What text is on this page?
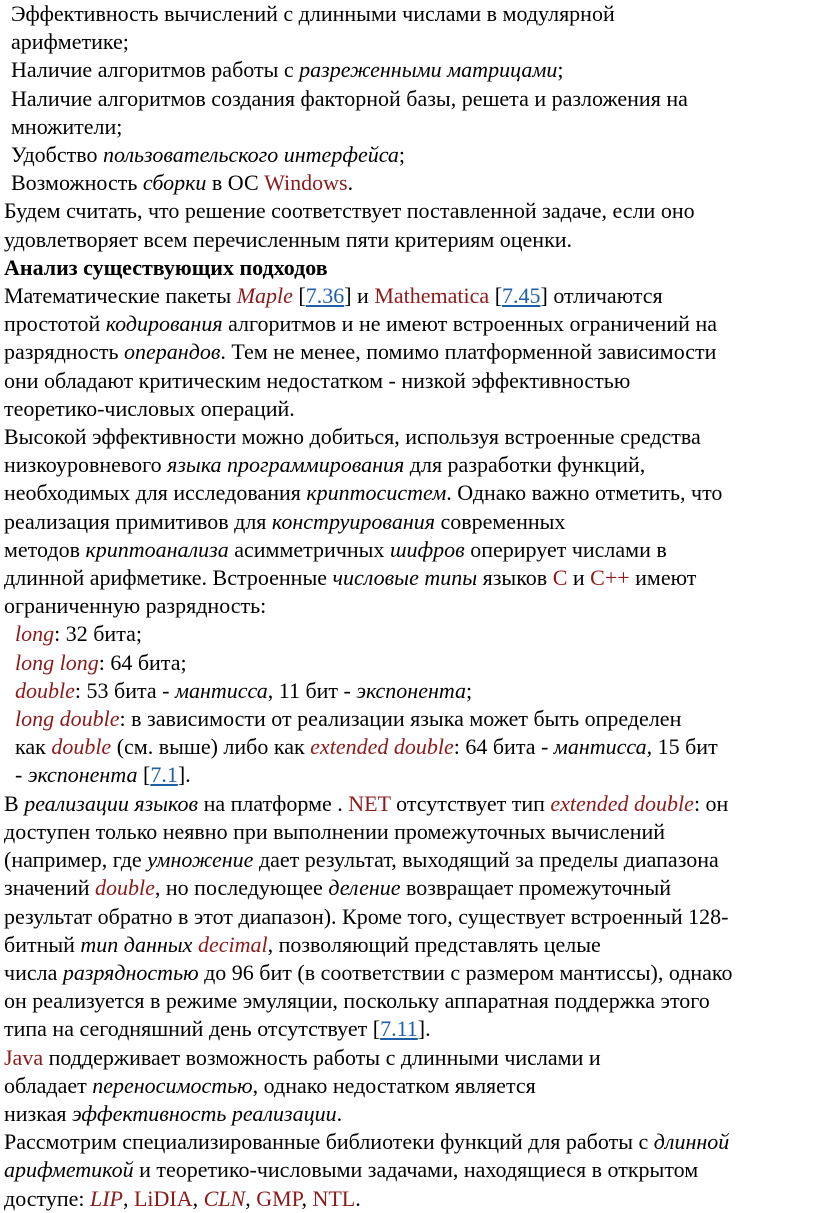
Эффективность вычислений с длинными числами в модулярной

арифметике;

Наличие алгоритмов работы с разреженными матрицами;

Наличие алгоритмов создания факторной базы, решета и разложения на

множители;

Удобство пользовательского интерфейса;

Возможность сборки в ОС Windows.

Будем считать, что решение соответствует поставленной задаче, если оно

удовлетворяет всем перечисленным пяти критериям оценки.

Анализ существующих подходов

Математические пакеты Maple [7.36] и Mathematica [7.45] отличаются

простотой кодирования алгоритмов и не имеют встроенных ограничений на

разрядность операндов. Тем не менее, помимо платформенной зависимости

они обладают критическим недостатком - низкой эффективностью

теоретико-числовых операций.

Высокой эффективности можно добиться, используя встроенные средства

низкоуровневого языка программирования для разработки функций,

необходимых для исследования криптосистем. Однако важно отметить, что

реализация примитивов для конструирования современных

методов криптоанализа асимметричных шифров оперирует числами в

длинной арифметике. Встроенные числовые типы языков C и C++ имеют

ограниченную разрядность:

long: 32 бита;

long long: 64 бита;

double: 53 бита - мантисса, 11 бит - экспонента;

long double: в зависимости от реализации языка может быть определен

как double (см. выше) либо как extended double: 64 бита - мантисса, 15 бит

- экспонента [7.1].

В реализации языков на платформе . NET отсутствует тип extended double: он

доступен только неявно при выполнении промежуточных вычислений

(например, где умножение дает результат, выходящий за пределы диапазона

значений double, но последующее деление возвращает промежуточный

результат обратно в этот диапазон). Кроме того, существует встроенный 128-

битный тип данных decimal, позволяющий представлять целые

числа разрядностью до 96 бит (в соответствии с размером мантиссы), однако

он реализуется в режиме эмуляции, поскольку аппаратная поддержка этого

типа на сегодняшний день отсутствует [7.11].

Java поддерживает возможность работы с длинными числами и

обладает переносимостью, однако недостатком является

низкая эффективность реализации.

Рассмотрим специализированные библиотеки функций для работы с длинной

арифметикой и теоретико-числовыми задачами, находящиеся в открытом

доступе: LIP, LiDIA, CLN, GMP, NTL.
